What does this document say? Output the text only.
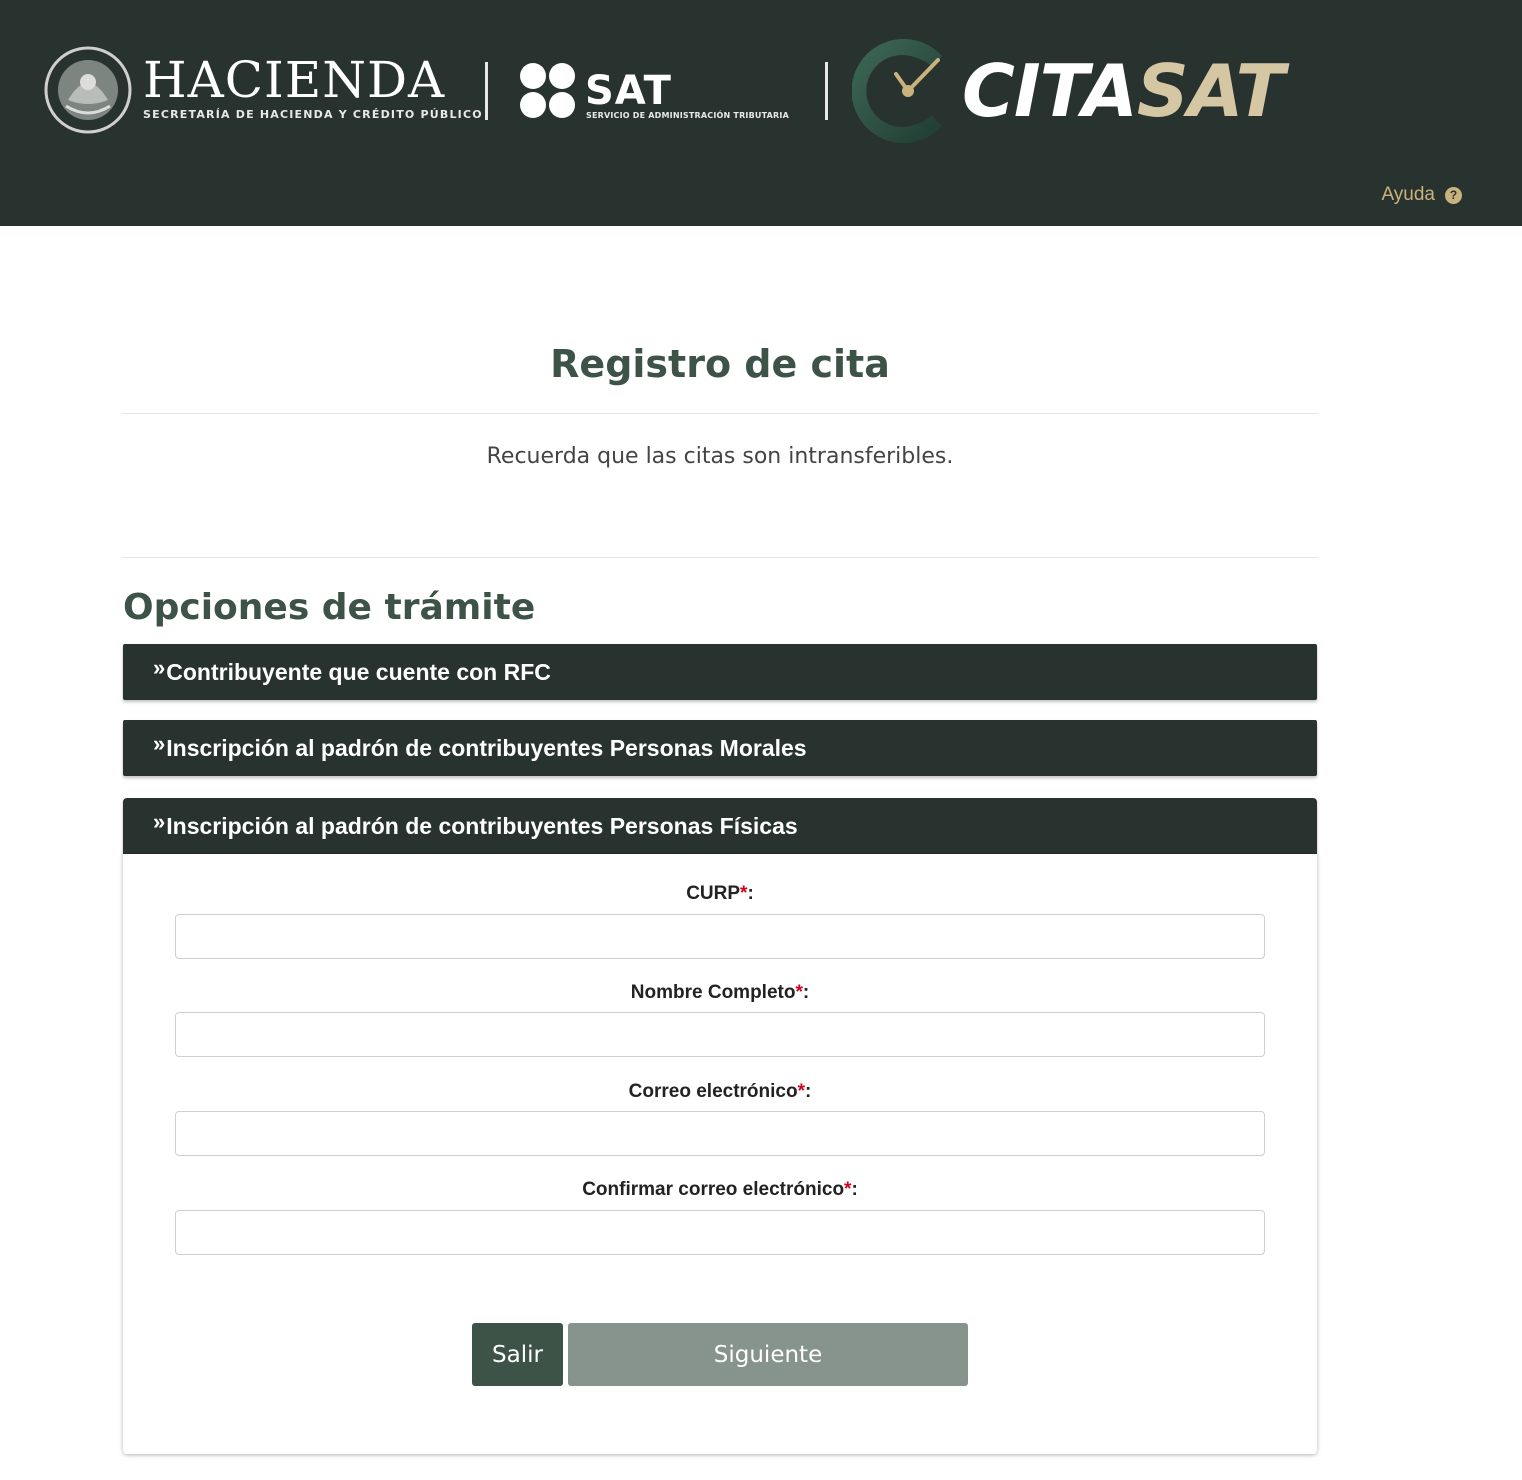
HACIENDA
SECRETARÍA DE HACIENDA Y CRÉDITO PÚBLICO
SAT
SERVICIO DE ADMINISTRACIÓN TRIBUTARIA CITASAT
Ayuda	?
Registro de cita
Recuerda que las citas son intransferibles.
Opciones de trámite
» Contribuyente que cuente con RFC
» Inscripción al padrón de contribuyentes Personas Morales
» Inscripción al padrón de contribuyentes Personas Físicas
CURP*:
Nombre Completo*:
Correo electrónico*:
Confirmar correo electrónico*:
Salir	Siguiente
